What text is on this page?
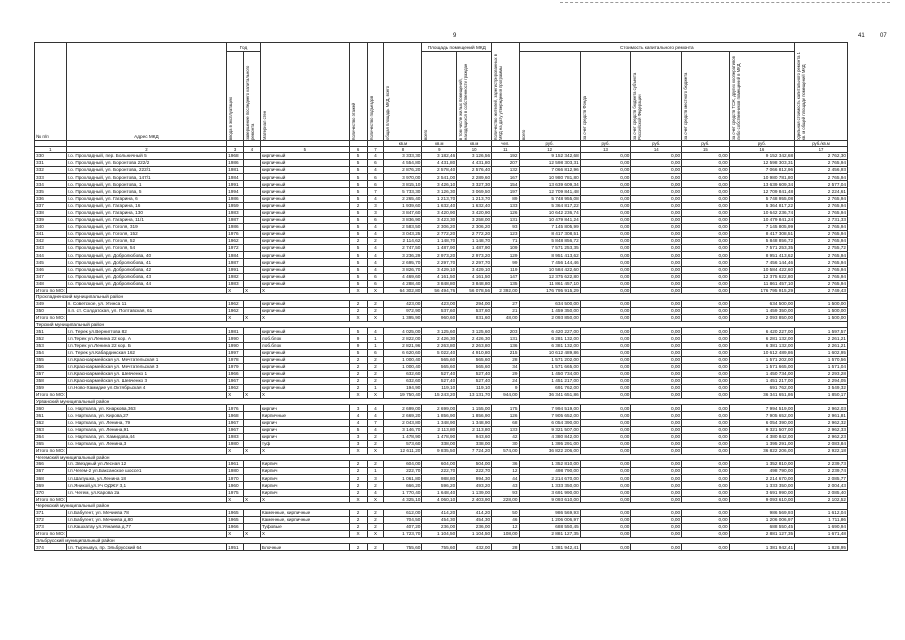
9	41	07
№ п/п	Адрес МКД	Год		Материал стен	Количество этажей	Количество подъездов	общая площадь МКД, всего	Площадь помещений МКД		Количество жителей, зарегистрированных в МКД на дату утверждения программы	Стоимость капитального ремонта					Удельная стоимость капитального ремонта 1 кв. м общей площади помещений МКД

		ввода в эксплуатацию	завершение последнего капитального ремонта					всего	в том числе жилых помещений, находящихся в собственности граждан		всего	за счет средств Фонда	за счет средств бюджета субъекта Российской Федерации	за счет средств местного бюджета	за счет средств ТСЖ, других кооперативов либо собственников помещений в МКД	

							кв.м	кв.м	кв.м	чел.	руб.	руб.	руб.	руб.	руб.	руб./кв.м
1	2	3	4	5	6	7	8	9	10	11	12	13	14	15	16	17
330	г.о. Прохладный, пер. Больничный 5	1968		кирпичный	5	4	3 333,30	3 182,46	3 126,56	192	9 152 342,68	0,00	0,00	0,00	9 152 342,68	2 762,30
331	г.о. Прохладный, ул. Боронтова 222/2	1986		кирпичный	5	6	4 554,80	4 431,80	4 431,80	207	12 598 303,31	0,00	0,00	0,00	12 598 303,31	2 765,94
332	г.о. Прохладный, ул. Боронтова, 222/1	1981		кирпичный	5	4	2 876,20	2 578,40	2 576,40	132	7 066 812,96	0,00	0,00	0,00	7 066 812,96	2 456,93
333	г.о. Прохладный, ул. Боронтова, 147/1	1984		кирпичный	5	6	3 970,00	2 541,00	2 289,60	167	10 980 781,80	0,00	0,00	0,00	10 980 781,80	2 765,94
334	г.о. Прохладный, ул. Боронтова, 1	1991		кирпичный	5	6	3 815,10	3 426,10	3 327,30	154	13 639 609,34	0,00	0,00	0,00	13 639 609,34	2 577,04
335	г.о. Прохладный, ул. Боронтова, 5	1994		кирпичный	5	7	5 733,30	3 126,30	3 069,50	197	12 709 841,48	0,00	0,00	0,00	12 709 841,48	2 224,61
336	г.о. Прохладный, ул. Гагарина, 6	1986		кирпичный	5	4	2 265,40	1 213,70	1 213,70	89	5 748 955,08	0,00	0,00	0,00	5 748 955,08	2 765,94
337	г.о. Прохладный, ул. Гагарина, 16	1959		кирпичный	2	3	1 939,60	1 632,40	1 632,40	133	5 364 817,22	0,00	0,00	0,00	5 364 817,22	2 765,94
338	г.о. Прохладный, ул. Гагарина, 130	1983		кирпичный	5	3	3 847,60	3 420,90	3 420,90	126	10 642 236,74	0,00	0,00	0,00	10 642 236,74	2 765,94
339	г.о. Прохладный, ул. Гагарина, 11/1	1987		кирпичный	5	6	3 836,90	3 423,30	3 258,00	131	10 479 841,24	0,00	0,00	0,00	10 479 841,24	2 731,33
340	г.о. Прохладный, ул. Гоголя, 319	1986		кирпичный	5	4	2 583,50	2 306,20	2 306,20	93	7 145 805,99	0,00	0,00	0,00	7 145 805,99	2 765,94
341	г.о. Прохладный, ул. Гоголя, 152	1976		кирпичный	5	4	3 043,25	2 772,20	2 772,20	123	8 417 308,51	0,00	0,00	0,00	8 417 308,51	2 765,94
342	г.о. Прохладный, ул. Гоголя, 52	1962		кирпичный	2	2	2 114,62	1 148,70	1 148,70	71	5 848 856,72	0,00	0,00	0,00	5 848 856,72	2 765,94
343	г.о. Прохладный, ул. Гоголя, 54	1972		кирпичный	5	4	2 747,50	1 487,90	1 487,90	109	7 571 253,35	0,00	0,00	0,00	7 571 253,35	2 755,72
344	г.о. Прохладный, ул. Добролюбова, 40	1984		кирпичный	5	4	3 236,29	2 973,20	2 973,20	129	8 951 413,62	0,00	0,00	0,00	8 951 413,62	2 765,94
345	г.о. Прохладный, ул. Добролюбова, 41	1987		кирпичный	5	4	2 695,70	2 297,70	2 297,70	99	7 456 144,46	0,00	0,00	0,00	7 456 144,46	2 765,94
346	г.о. Прохладный, ул. Добролюбова, 42	1991		кирпичный	5	4	3 826,70	3 429,10	3 429,10	119	10 584 422,60	0,00	0,00	0,00	10 584 422,60	2 765,94
347	г.о. Прохладный, ул. Добролюбова, 43	1982		кирпичный	5	6	4 469,60	4 161,50	4 161,50	147	12 375 622,80	0,00	0,00	0,00	12 375 622,80	2 765,94
348	г.о. Прохладный, ул. Добролюбова, 44	1983		кирпичный	5	6	4 288,40	3 848,80	3 848,80	135	11 861 457,10	0,00	0,00	0,00	11 861 457,10	2 765,94
Итого по МО:		X	X	X	X	X	64 302,80	56 494,76	56 078,56	2 392,00	176 795 915,29	0,00	0,00	0,00	176 795 915,29	2 749,43
Прохладненский муниципальный район																
349	п. Советское, ул. Угинса 11	1962		кирпичный	2	2	423,00	423,00	294,00	27	634 500,00	0,00	0,00	0,00	634 500,00	1 500,00
350	п.п. ст. Солдатская, ул. Полтавская, 61	1962		кирпичный	2	2	972,90	537,60	537,60	21	1 459 350,00	0,00	0,00	0,00	1 459 350,00	1 500,00
Итого по МО:		X	X	X	X	X	1 395,90	960,60	831,60	48,00	2 093 850,00	0,00	0,00	0,00	2 093 850,00	1 500,00
Терский муниципальный район																
351	г.п. Терек ул.Вернигтова 82	1981		кирпичный	5	4	4 025,00	3 125,60	3 125,60	203	6 420 227,00	0,00	0,00	0,00	6 420 227,00	1 597,57
352	г.п.Терек ул.Ленина 22 кор. А	1990		лоб.блок	9	1	2 822,00	2 426,30	2 426,30	131	6 281 132,00	0,00	0,00	0,00	6 281 132,00	2 261,21
353	г.п.Терек ул.Ленина 22 кор. Б	1990		лоб.блок	9	1	2 821,96	2 263,80	2 263,80	136	6 381 132,00	0,00	0,00	0,00	6 381 132,00	2 261,21
354	г.п. Терек ул.Кабардинская 162	1997		кирпичный	5	6	6 620,60	5 022,40	4 910,80	215	10 612 489,86	0,00	0,00	0,00	10 612 489,86	1 602,95
355	г.п.Красноармейская ул. Мечтательская 1	1978		кирпичный	2	2	1 000,40	565,60	565,60	28	1 571 202,00	0,00	0,00	0,00	1 571 202,00	1 570,56
356	г.п.Красноармейская ул. Мечтательская 3	1979		кирпичный	2	2	1 000,40	565,60	565,60	34	1 571 665,00	0,00	0,00	0,00	1 571 665,00	1 571,04
357	г.п.Красноармейская ул. Шевченко 1	1966		кирпичный	2	2	632,60	527,40	527,40	29	1 450 734,00	0,00	0,00	0,00	1 450 734,00	2 293,28
358	г.п.Красноармейская ул. Шевченко 3	1967		кирпичный	2	2	632,60	527,40	527,40	24	1 451 217,00	0,00	0,00	0,00	1 451 217,00	2 294,05
359	г.п.Ново-Хамидие ул.Октябрьская 4	1962		кирпичный	2	1	194,90	119,10	119,10	9	691 762,00	0,00	0,00	0,00	691 762,00	3 549,32
Итого по МО:		X	X	X	X	X	19 750,40	15 243,20	13 131,70	944,00	36 341 651,86	0,00	0,00	0,00	36 341 651,86	1 850,17
Урванский муниципальный район																
360	г.о. Нарткала, ул. Кнаркова,363	1976		кирпич	3	4	2 699,00	2 699,00	1 155,00	175	7 994 519,00	0,00	0,00	0,00	7 994 519,00	2 962,03
361	г.о. Нарткала, ул. Кирова,27	1968		Кирпичные	4	4	2 669,20	1 856,90	1 856,90	126	7 905 652,00	0,00	0,00	0,00	7 905 652,00	2 961,81
362	г.о. Нарткала, ул. Ленина, 79	1967		кирпич	4	7	2 043,80	1 348,90	1 348,90	68	6 054 390,00	0,00	0,00	0,00	6 054 390,00	2 962,32
363	г.о. Нарткала, ул. Ленина,91	1967		кирпич	5	4	3 146,70	2 113,80	2 113,80	133	9 321 507,00	0,00	0,00	0,00	9 321 507,00	2 962,33
364	г.о. Нарткала, ул. Хамидова,44	1983		кирпич	3	2	1 478,90	1 478,90	943,60	42	4 380 842,00	0,00	0,00	0,00	4 380 842,00	2 962,23
365	г.о. Нарткала, ул. Ленина,3	1980		туф	3	2	573,60	338,00	338,00	30	1 395 291,00	0,00	0,00	0,00	1 395 291,00	2 083,84
Итого по МО:		X	X	X	X	X	12 611,20	9 835,50	7 724,20	574,00	36 822 206,00	0,00	0,00	0,00	36 822 206,00	2 922,18
Чегемский муниципальный район																
366	г.п. Звездный ул.Лесная 12	1961		Кирпич	2	2	604,00	604,00	504,00	36	1 352 810,00	0,00	0,00	0,00	1 352 810,00	2 239,73
367	г.п.Чегем-2 ул.Баксанское шоссе1	1980		Кирпич	2	1	222,70	222,70	222,70	12	498 790,00	0,00	0,00	0,00	498 790,00	2 239,74
368	г.п.Шалушка, ул.Ленина 18	1970		Кирпич	2	3	1 061,80	988,80	994,30	44	2 214 670,00	0,00	0,00	0,00	2 214 670,00	2 085,77
369	г.п.Яникой,ул.Уч ОДЖУ 3,1	1960		Кирпич	2	2	666,20	596,20	493,20	43	1 333 350,00	0,00	0,00	0,00	1 333 350,00	2 004,43
370	г.п. Чегем, ул.Карова 2а	1975		Кирпич	2	4	1 770,40	1 648,40	1 139,00	93	3 691 990,00	0,00	0,00	0,00	3 691 990,00	2 085,40
Итого по МО:		X	X	X	X	X	4 325,10	4 060,10	2 403,90	228,00	9 093 610,00	0,00	0,00	0,00	9 093 610,00	2 102,52
Черекский муниципальный район																
371	г.п.Бабугент, ул. Мечиева 78	1965		Каменные, кирпичные	2	2	612,00	414,20	414,20	50	986 569,93	0,00	0,00	0,00	986 569,93	1 612,04
372	г.п.Бабугент, ул. Мечиева д.80	1965		Каменные, кирпичные	2	2	704,50	454,30	454,30	46	1 206 006,97	0,00	0,00	0,00	1 206 006,97	1 711,86
373	г.п.Кашхатау ул.Уянаева д.77	1966		Туфовые	2	2	407,20	236,00	236,00	12	688 550,45	0,00	0,00	0,00	688 550,45	1 690,94
Итого по МО:		X	X	X	X	X	1 723,70	1 104,50	1 104,50	108,00	2 881 127,35	0,00	0,00	0,00	2 881 127,35	1 671,48
Эльбрусский муниципальный район																
374	г.п. Тырныауз, пр. Эльбрусский 64	1951		Блочные	2	2	755,60	755,60	432,00	28	1 381 942,41	0,00	0,00	0,00	1 381 942,41	1 828,95
